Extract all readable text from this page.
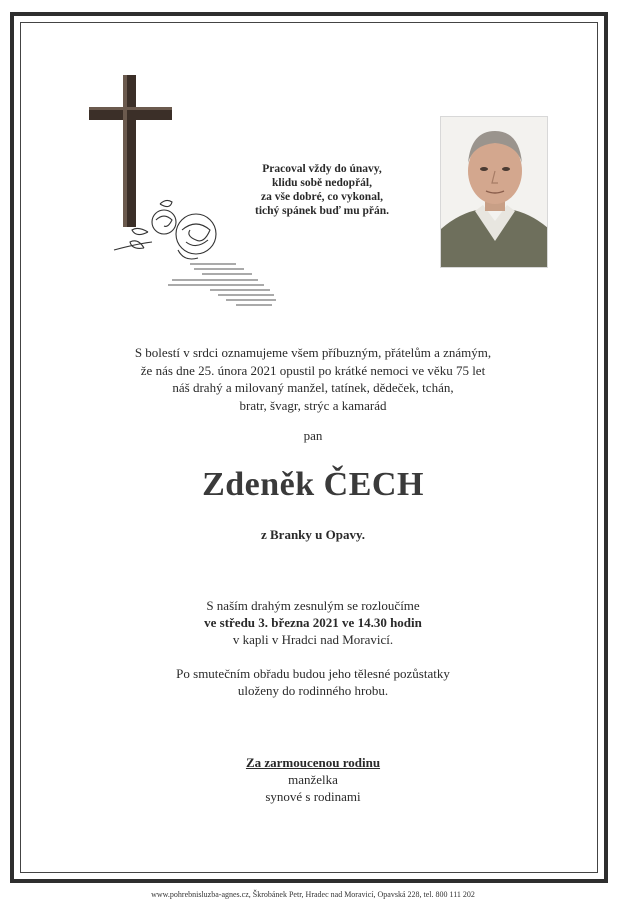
Pracoval vždy do únavy,
klidu sobě nedopřál,
za vše dobré, co vykonal,
tichý spánek buď mu přán.
S bolestí v srdci oznamujeme všem příbuzným, přátelům a známým,
že nás dne 25. února 2021 opustil po krátké nemoci ve věku 75 let
náš drahý a milovaný manžel, tatínek, dědeček, tchán,
bratr, švagr, strýc a kamarád
pan
Zdeněk ČECH
z Branky u Opavy.
S naším drahým zesnulým se rozloučíme
ve středu 3. března 2021 ve 14.30 hodin
v kapli v Hradci nad Moravicí.
Po smutečním obřadu budou jeho tělesné pozůstatky
uloženy do rodinného hrobu.
Za zarmoucenou rodinu
manželka
synové s rodinami
www.pohrebnisluzba-agnes.cz, Škrobánek Petr, Hradec nad Moravicí, Opavská 228, tel. 800 111 202
